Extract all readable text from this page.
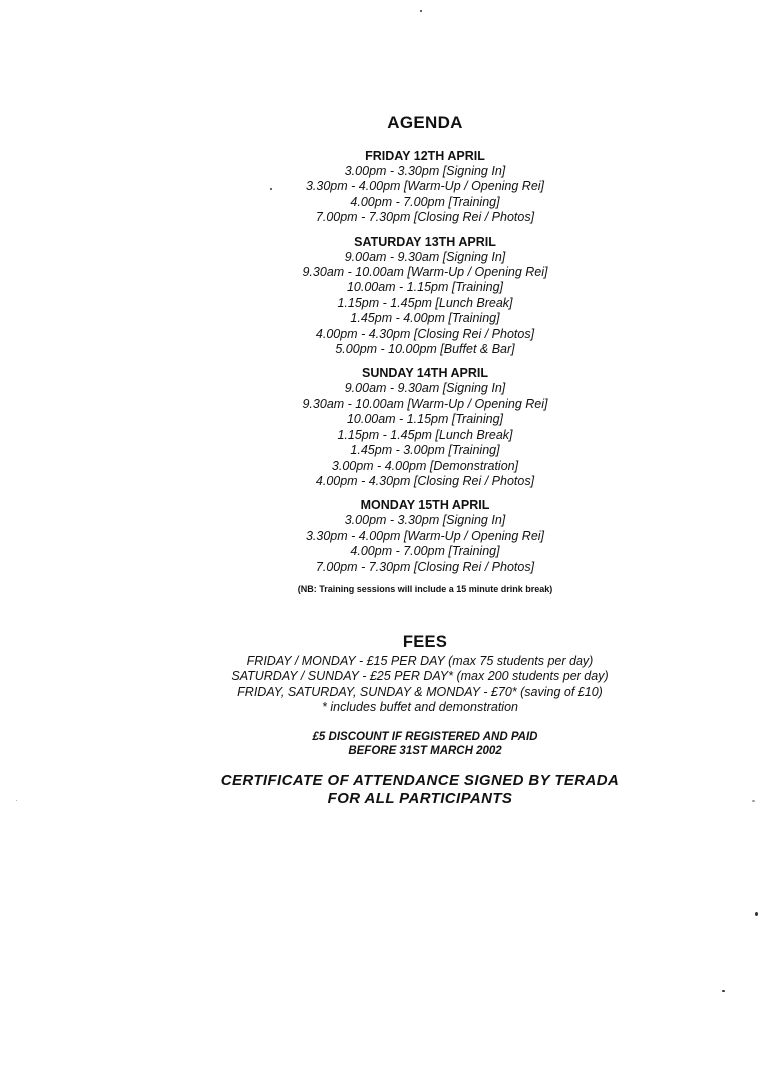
AGENDA
FRIDAY 12TH APRIL
3.00pm - 3.30pm [Signing In]
3.30pm - 4.00pm [Warm-Up / Opening Rei]
4.00pm - 7.00pm [Training]
7.00pm - 7.30pm [Closing Rei / Photos]
SATURDAY 13TH APRIL
9.00am - 9.30am [Signing In]
9.30am - 10.00am [Warm-Up / Opening Rei]
10.00am - 1.15pm [Training]
1.15pm - 1.45pm [Lunch Break]
1.45pm - 4.00pm [Training]
4.00pm - 4.30pm [Closing Rei / Photos]
5.00pm - 10.00pm [Buffet & Bar]
SUNDAY 14TH APRIL
9.00am - 9.30am [Signing In]
9.30am - 10.00am [Warm-Up / Opening Rei]
10.00am - 1.15pm [Training]
1.15pm - 1.45pm [Lunch Break]
1.45pm - 3.00pm [Training]
3.00pm - 4.00pm [Demonstration]
4.00pm - 4.30pm [Closing Rei / Photos]
MONDAY 15TH APRIL
3.00pm - 3.30pm [Signing In]
3.30pm - 4.00pm [Warm-Up / Opening Rei]
4.00pm - 7.00pm [Training]
7.00pm - 7.30pm [Closing Rei / Photos]
(NB: Training sessions will include a 15 minute drink break)
FEES
FRIDAY / MONDAY - £15 PER DAY (max 75 students per day)
SATURDAY / SUNDAY - £25 PER DAY* (max 200 students per day)
FRIDAY, SATURDAY, SUNDAY & MONDAY - £70* (saving of £10)
* includes buffet and demonstration
£5 DISCOUNT IF REGISTERED AND PAID
BEFORE 31ST MARCH 2002
CERTIFICATE OF ATTENDANCE SIGNED BY TERADA
FOR ALL PARTICIPANTS
